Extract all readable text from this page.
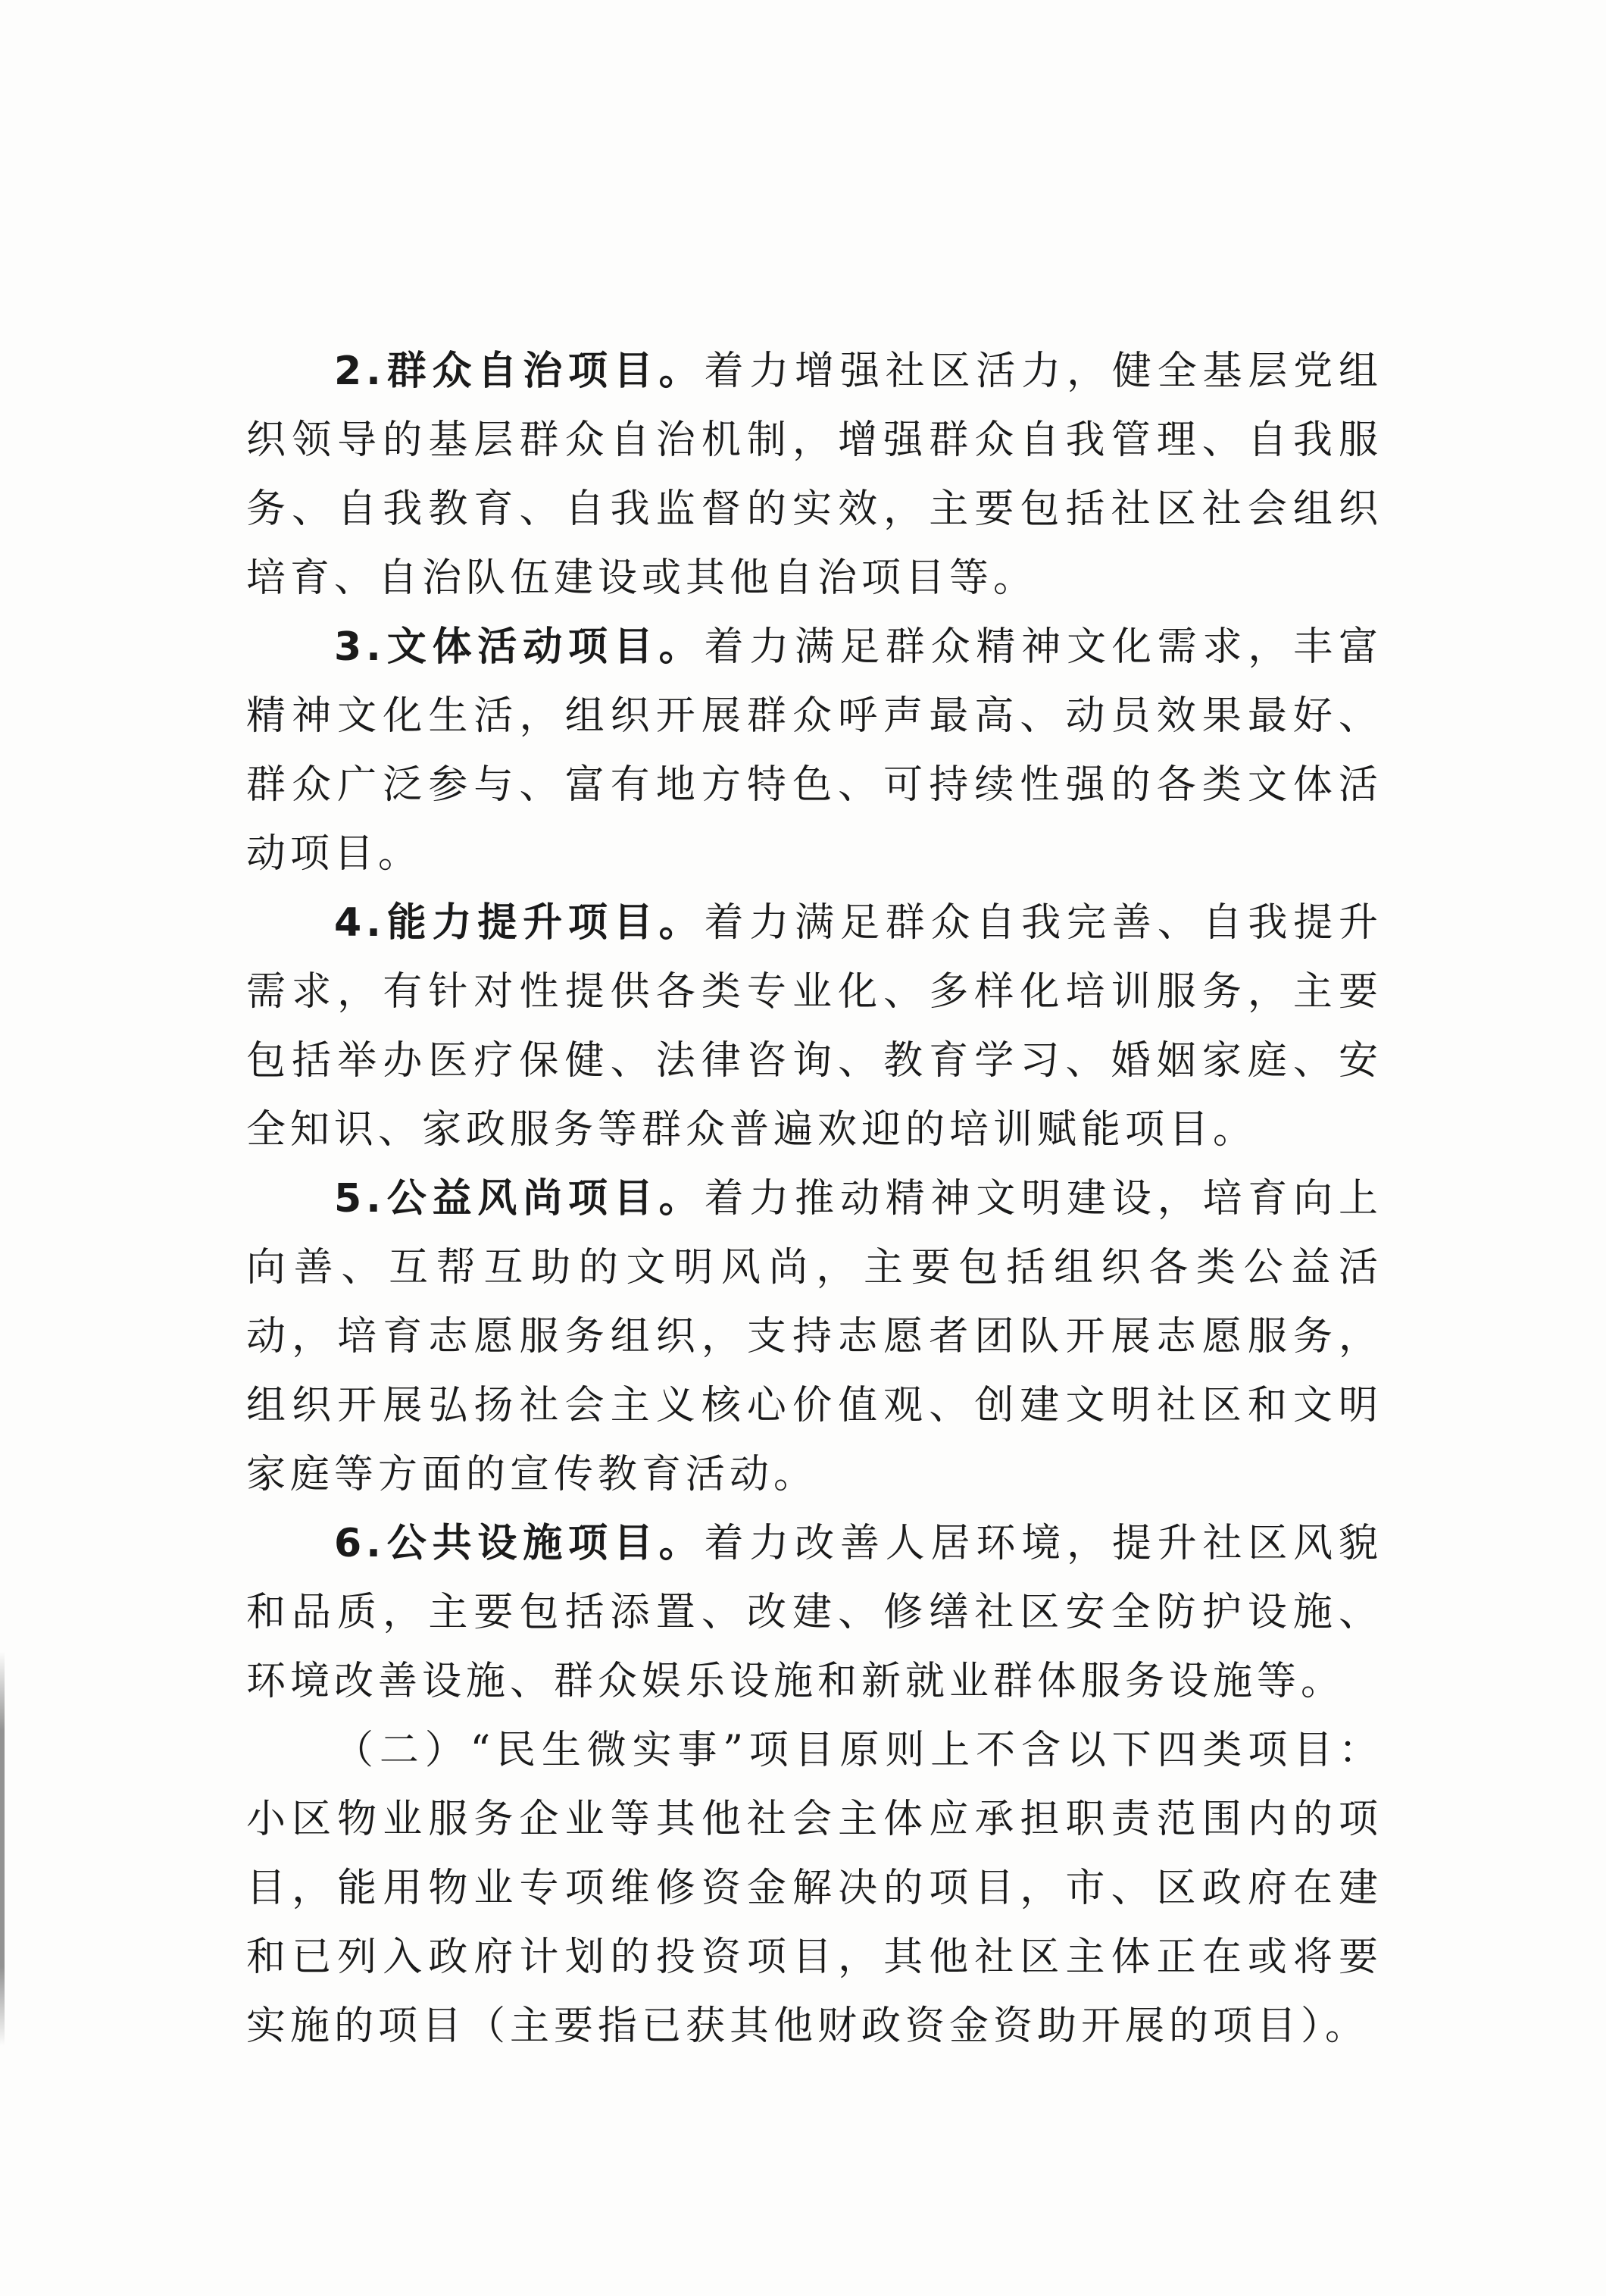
2.群众自治项目。着力增强社区活力，健全基层党组织领导的基层群众自治机制，增强群众自我管理、自我服务、自我教育、自我监督的实效，主要包括社区社会组织培育、自治队伍建设或其他自治项目等。

3.文体活动项目。着力满足群众精神文化需求，丰富精神文化生活，组织开展群众呼声最高、动员效果最好、群众广泛参与、富有地方特色、可持续性强的各类文体活动项目。

4.能力提升项目。着力满足群众自我完善、自我提升需求，有针对性提供各类专业化、多样化培训服务，主要包括举办医疗保健、法律咨询、教育学习、婚姻家庭、安全知识、家政服务等群众普遍欢迎的培训赋能项目。

5.公益风尚项目。着力推动精神文明建设，培育向上向善、互帮互助的文明风尚，主要包括组织各类公益活动，培育志愿服务组织，支持志愿者团队开展志愿服务，组织开展弘扬社会主义核心价值观、创建文明社区和文明家庭等方面的宣传教育活动。

6.公共设施项目。着力改善人居环境，提升社区风貌和品质，主要包括添置、改建、修缮社区安全防护设施、环境改善设施、群众娱乐设施和新就业群体服务设施等。

（二）“民生微实事”项目原则上不含以下四类项目：小区物业服务企业等其他社会主体应承担职责范围内的项目，能用物业专项维修资金解决的项目，市、区政府在建和已列入政府计划的投资项目，其他社区主体正在或将要实施的项目（主要指已获其他财政资金资助开展的项目）。
